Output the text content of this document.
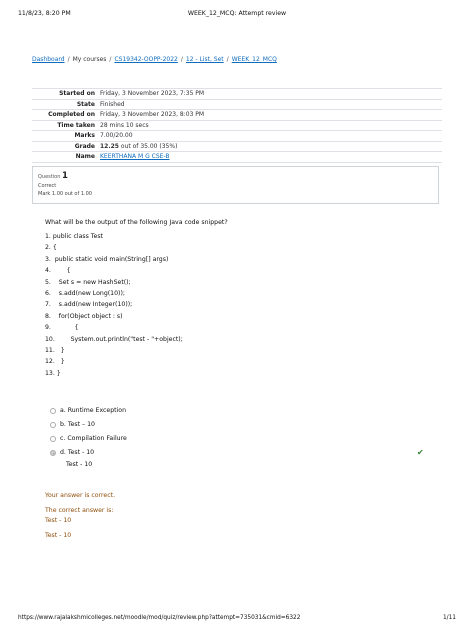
11/8/23, 8:20 PM	WEEK_12_MCQ: Attempt review
Dashboard / My courses / CS19342-OOPP-2022 / 12 - List, Set / WEEK_12_MCQ
Started on	Friday, 3 November 2023, 7:35 PM
State	Finished
Completed on	Friday, 3 November 2023, 8:03 PM
Time taken	28 mins 10 secs
Marks	7.00/20.00
Grade	12.25 out of 35.00 (35%)
Name	KEERTHANA M G CSE-B
Question 1
Correct
Mark 1.00 out of 1.00
What will be the output of the following Java code snippet?
1. public class Test
2. {
3.  public static void main(String[] args)
4.        {
5.    Set s = new HashSet();
6.    s.add(new Long(10));
7.    s.add(new Integer(10));
8.    for(Object object : s)
9.            {
10.        System.out.println("test - "+object);
11.   }
12.   }
13. }
a. Runtime Exception
b. Test – 10
c. Compilation Failure
d. Test - 10
Test - 10
✔
Your answer is correct.
The correct answer is:
Test - 10
Test - 10
https://www.rajalakshmicolleges.net/moodle/mod/quiz/review.php?attempt=735031&cmid=6322	1/11
